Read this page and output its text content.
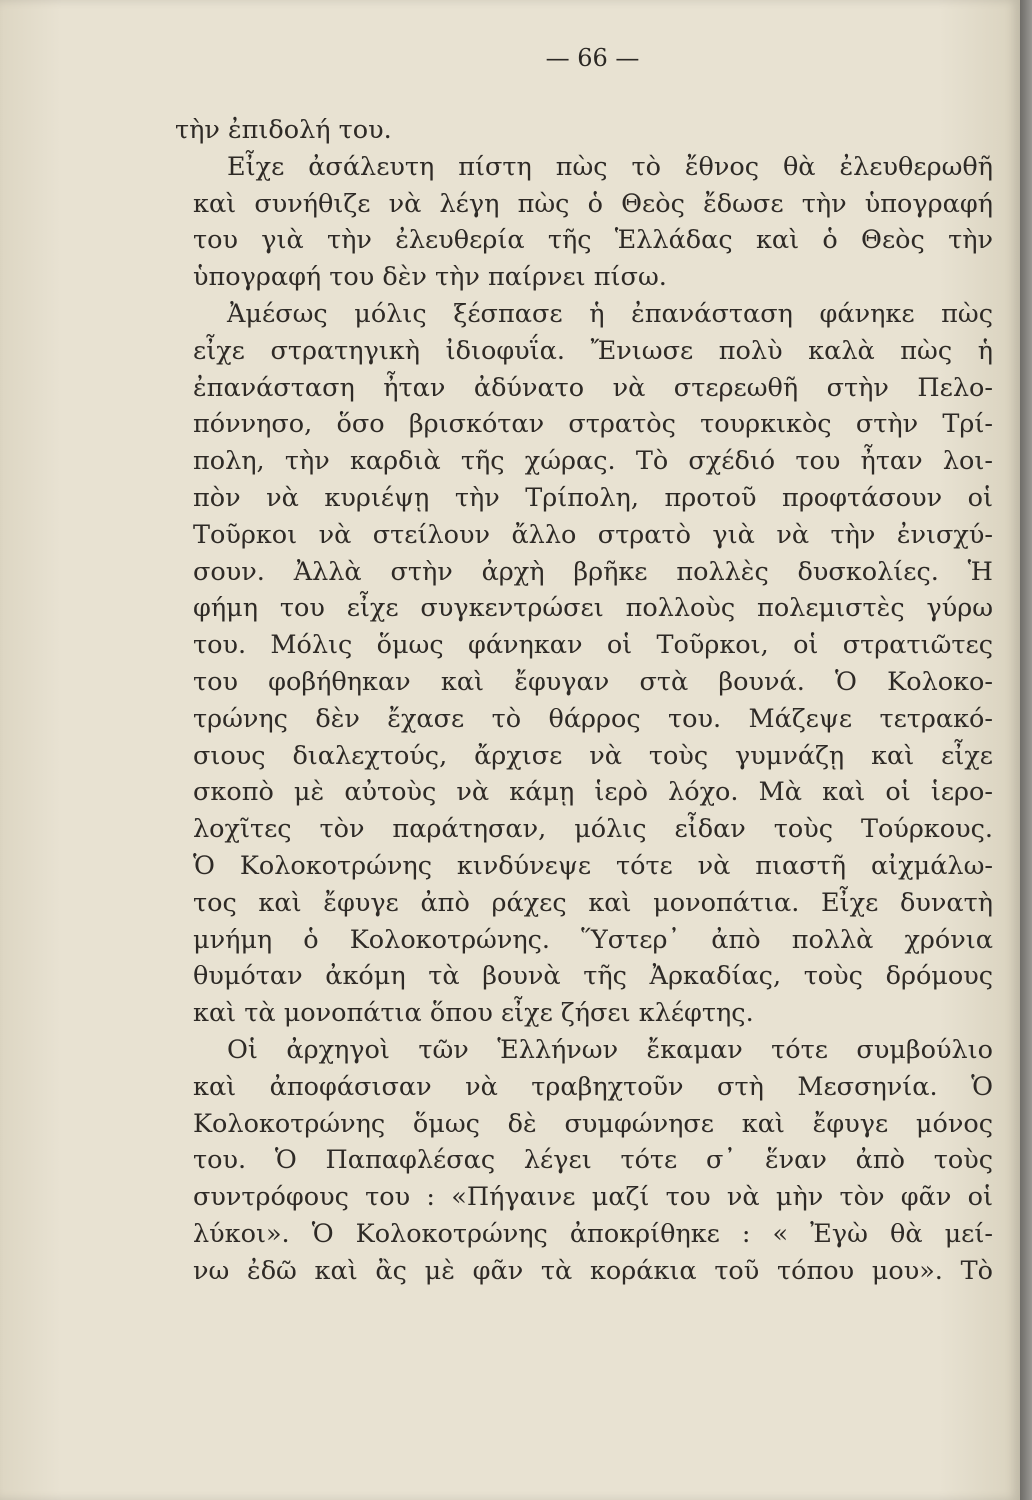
— 66 —
τὴν ἐπιδολή του.
Εἶχε ἀσάλευτη πίστη πὼς τὸ ἔθνος θὰ ἐλευθερωθῆ
καὶ συνήθιζε νὰ λέγη πὼς ὁ Θεὸς ἔδωσε τὴν ὑπογραφή
του γιὰ τὴν ἐλευθερία τῆς Ἑλλάδας καὶ ὁ Θεὸς τὴν
ὑπογραφή του δὲν τὴν παίρνει πίσω.
Ἀμέσως μόλις ξέσπασε ἡ ἐπανάσταση φάνηκε πὼς
εἶχε στρατηγικὴ ἰδιοφυΐα. Ἔνιωσε πολὺ καλὰ πὼς ἡ
ἐπανάσταση ἦταν ἀδύνατο νὰ στερεωθῆ στὴν Πελο-
πόννησο, ὅσο βρισκόταν στρατὸς τουρκικὸς στὴν Τρί-
πολη, τὴν καρδιὰ τῆς χώρας. Τὸ σχέδιό του ἦταν λοι-
πὸν νὰ κυριέψῃ τὴν Τρίπολη, προτοῦ προφτάσουν οἱ
Τοῦρκοι νὰ στείλουν ἄλλο στρατὸ γιὰ νὰ τὴν ἐνισχύ-
σουν. Ἀλλὰ στὴν ἀρχὴ βρῆκε πολλὲς δυσκολίες. Ἡ
φήμη του εἶχε συγκεντρώσει πολλοὺς πολεμιστὲς γύρω
του. Μόλις ὅμως φάνηκαν οἱ Τοῦρκοι, οἱ στρατιῶτες
του φοβήθηκαν καὶ ἔφυγαν στὰ βουνά. Ὁ Κολοκο-
τρώνης δὲν ἔχασε τὸ θάρρος του. Μάζεψε τετρακό-
σιους διαλεχτούς, ἄρχισε νὰ τοὺς γυμνάζῃ καὶ εἶχε
σκοπὸ μὲ αὐτοὺς νὰ κάμῃ ἱερὸ λόχο. Μὰ καὶ οἱ ἱερο-
λοχῖτες τὸν παράτησαν, μόλις εἶδαν τοὺς Τούρκους.
Ὁ Κολοκοτρώνης κινδύνεψε τότε νὰ πιαστῆ αἰχμάλω-
τος καὶ ἔφυγε ἀπὸ ράχες καὶ μονοπάτια. Εἶχε δυνατὴ
μνήμη ὁ Κολοκοτρώνης. Ὕστερ᾽ ἀπὸ πολλὰ χρόνια
θυμόταν ἀκόμη τὰ βουνὰ τῆς Ἀρκαδίας, τοὺς δρόμους
καὶ τὰ μονοπάτια ὅπου εἶχε ζήσει κλέφτης.
Οἱ ἀρχηγοὶ τῶν Ἑλλήνων ἔκαμαν τότε συμβούλιο
καὶ ἀποφάσισαν νὰ τραβηχτοῦν στὴ Μεσσηνία. Ὁ
Κολοκοτρώνης ὅμως δὲ συμφώνησε καὶ ἔφυγε μόνος
του. Ὁ Παπαφλέσας λέγει τότε σ᾽ ἕναν ἀπὸ τοὺς
συντρόφους του : «Πήγαινε μαζί του νὰ μὴν τὸν φᾶν οἱ
λύκοι». Ὁ Κολοκοτρώνης ἀποκρίθηκε : « Ἐγὼ θὰ μεί-
νω ἐδῶ καὶ ἂς μὲ φᾶν τὰ κοράκια τοῦ τόπου μου». Τὸ
